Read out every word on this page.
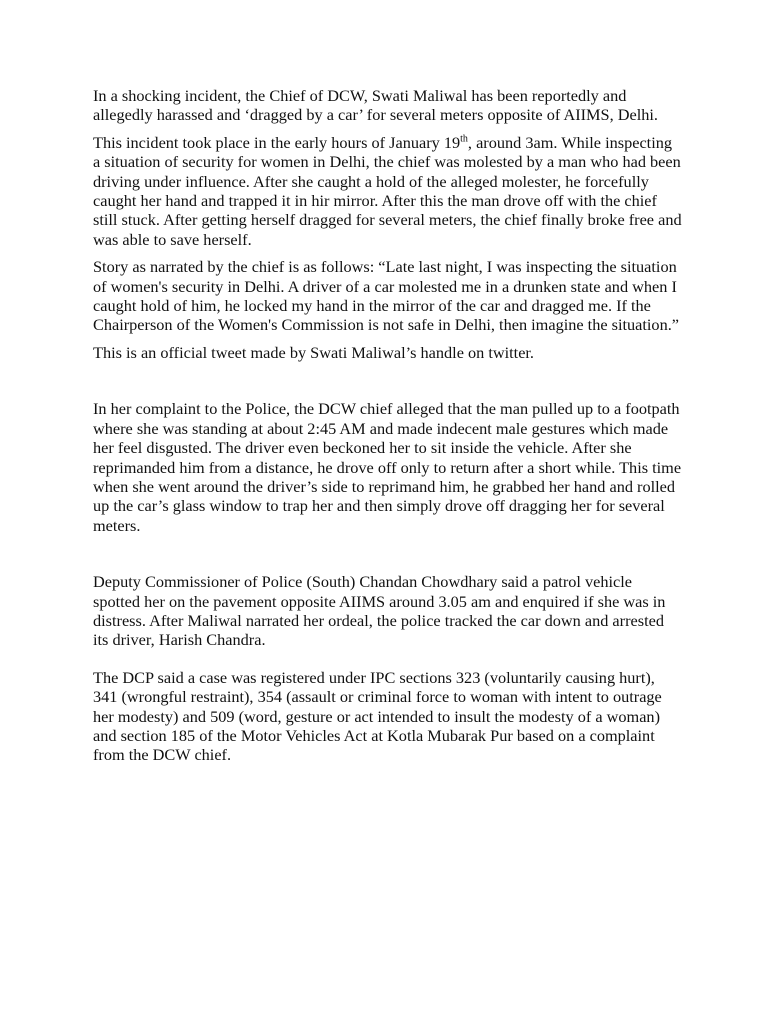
In a shocking incident, the Chief of DCW, Swati Maliwal has been reportedly and allegedly harassed and ‘dragged by a car’ for several meters opposite of AIIMS, Delhi.

This incident took place in the early hours of January 19th, around 3am. While inspecting a situation of security for women in Delhi, the chief was molested by a man who had been driving under influence. After she caught a hold of the alleged molester, he forcefully caught her hand and trapped it in hir mirror. After this the man drove off with the chief still stuck. After getting herself dragged for several meters, the chief finally broke free and was able to save herself.

Story as narrated by the chief is as follows: “Late last night, I was inspecting the situation of women's security in Delhi. A driver of a car molested me in a drunken state and when I caught hold of him, he locked my hand in the mirror of the car and dragged me. If the Chairperson of the Women's Commission is not safe in Delhi, then imagine the situation.”

This is an official tweet made by Swati Maliwal’s handle on twitter.

In her complaint to the Police, the DCW chief alleged that the man pulled up to a footpath where she was standing at about 2:45 AM and made indecent male gestures which made her feel disgusted. The driver even beckoned her to sit inside the vehicle. After she reprimanded him from a distance, he drove off only to return after a short while. This time when she went around the driver’s side to reprimand him, he grabbed her hand and rolled up the car’s glass window to trap her and then simply drove off dragging her for several meters.

Deputy Commissioner of Police (South) Chandan Chowdhary said a patrol vehicle spotted her on the pavement opposite AIIMS around 3.05 am and enquired if she was in distress. After Maliwal narrated her ordeal, the police tracked the car down and arrested its driver, Harish Chandra.

The DCP said a case was registered under IPC sections 323 (voluntarily causing hurt), 341 (wrongful restraint), 354 (assault or criminal force to woman with intent to outrage her modesty) and 509 (word, gesture or act intended to insult the modesty of a woman) and section 185 of the Motor Vehicles Act at Kotla Mubarak Pur based on a complaint from the DCW chief.
